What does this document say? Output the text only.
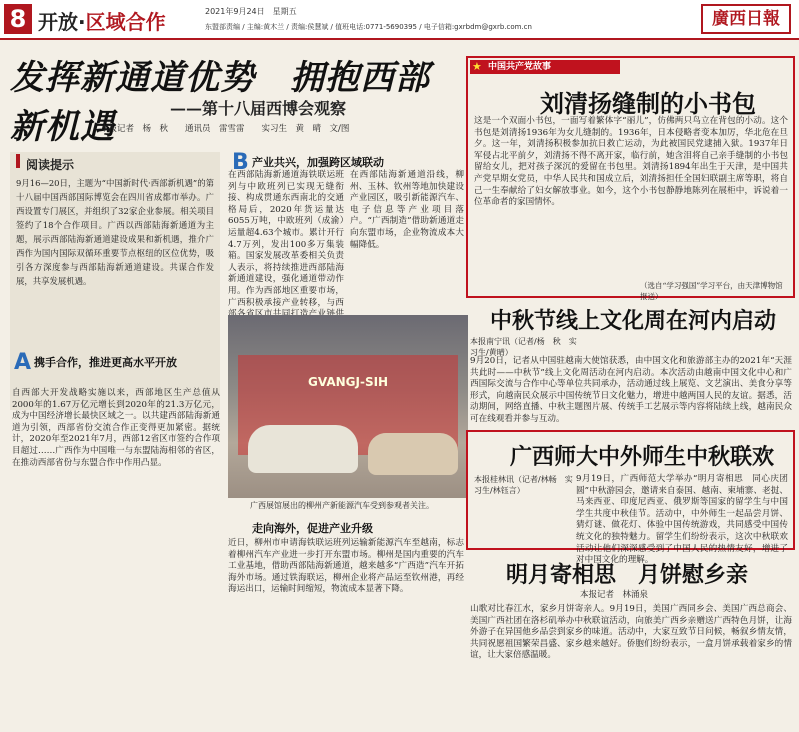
8 开放·区域合作	2021年9月24日　星期五
东盟部责编 / 主编:黄木兰 / 责编:侯慧斌 / 值班电话:0771-5690395 / 电子信箱:gxrbdm@gxrb.com.cn	廣西日報
发挥新通道优势　拥抱西部新机遇	——第十八届西博会观察
本报记者　杨　秋　　通讯员　雷雪雷　　实习生　黄　晴　文/图
阅读提示
9月16—20日，主题为“中国新时代·西部新机遇”的第十八届中国西部国际博览会在四川省成都市举办。广西设置专门展区，并组织了32家企业参展。相关项目签约了18个合作项目。广西以西部陆海新通道为主题，展示西部陆海新通道建设成果和新机遇，推介广西作为国内国际双循环重要节点枢纽的区位优势，吸引各方深度参与西部陆海新通道建设。共谋合作发展，共享发展机遇。
A 携手合作，推进更高水平开放
自西部大开发战略实施以来，西部地区生产总值从2000年的1.67万亿元增长到2020年的21.3万亿元，成为中国经济增长最快区域之一。以共建西部陆海新通道为引领，西部省份交流合作正变得更加紧密。据统计，2020年至2021年7月，西部12省区市签约合作项目超过……广西作为中国唯一与东盟陆海相邻的省区，在推动西部省份与东盟合作中作用凸显。
B 产业共兴，加强跨区域联动
在西部陆海新通道海铁联运班列与中欧班列已实现无缝衔接、构成贯通东西南北的交通格局后，2020年货运量达6055万吨，中欧班列（成渝）运量超4.63个城市。累计开行4.7万列，发出100多万集装箱。国家发展改革委相关负责人表示，将持续推进西部陆海新通道建设，强化通道带动作用。作为西部地区重要市场，广西积极承接产业转移，与西
在西部陆海新通道沿线，柳州、玉林、钦州等地加快建设产业园区，吸引新能源汽车、电子信息等产业项目落户。“广西制造”借助新通道走向东盟市场，企业物流成本大幅降低。
GVANGJ-SIH
广西展馆展出的柳州产新能源汽车受到参观者关注。
走向海外，促进产业升级
近日，柳州市申请海铁联运班列运输新能源汽车至越南，标志着柳州汽车产业进一步打开东盟市场。柳州是国内重要的汽车工业基地，借助西部陆海新通道，越来越多“广西造”汽车开拓海外市场。通过铁海联运，柳州企业将产品运至钦州港，再经海运出口，运输时间缩短，物流成本显著下降。
中国共产党故事
★
刘清扬缝制的小书包
这是一个双面小书包，一面写着繁体字“丽儿”，仿佛两只鸟立在背包的小动。这个书包是刘清扬1936年为女儿缝制的。1936年，日本侵略者变本加厉，华北危在旦夕。这一年，刘清扬积极参加抗日救亡运动，为此被国民党逮捕入狱。1937年日军侵占北平前夕，刘清扬不得不离开家，临行前，她含泪将自己亲手缝制的小书包留给女儿，把对孩子深沉的爱留在书包里。刘清扬1894年出生于天津，是中国共产党早期女党员，中华人民共和国成立后，刘清扬担任全国妇联副主席等职，将自己一生奉献给了妇女解放事业。如今，这个小书包静静地陈列在展柜中，诉说着一位革命者的家国情怀。
（选自“学习强国”学习平台，由天津博物馆报送）
中秋节线上文化周在河内启动
本报南宁讯（记者/杨　秋　实习生/黄晴）
9月20日，记者从中国驻越南大使馆获悉，由中国文化和旅游部主办的2021年“天涯共此时——中秋节”线上文化周活动在河内启动。本次活动由越南中国文化中心和广西国际交流与合作中心等单位共同承办，活动通过线上展览、文艺演出、美食分享等形式，向越南民众展示中国传统节日文化魅力，增进中越两国人民的友谊。据悉，活动期间，网络直播、中秋主题图片展、传统手工艺展示等内容将陆续上线，越南民众可在线观看并参与互动。
广西师大中外师生中秋联欢
本报桂林讯（记者/林畅　实习生/林钰言）
9月19日，广西师范大学举办“明月寄相思　同心庆团圆”中秋游园会，邀请来自泰国、越南、柬埔寨、老挝、马来西亚、印度尼西亚、俄罗斯等国家的留学生与中国学生共度中秋佳节。活动中，中外师生一起品尝月饼、猜灯谜、做花灯、体验中国传统游戏，共同感受中国传统文化的独特魅力。留学生们纷纷表示，这次中秋联欢活动让他们深深感受到了中国人民的热情友好，增进了对中国文化的理解。
明月寄相思　月饼慰乡亲
本报记者　林涌泉
山歌对比春江水，家乡月饼寄亲人。9月19日，美国广西同乡会、美国广西总商会、美国广西社团在洛杉矶举办中秋联谊活动，向旅美广西乡亲赠送广西特色月饼，让海外游子在异国他乡品尝到家乡的味道。活动中，大家互致节日问候，畅叙乡情友情，共同祝愿祖国繁荣昌盛、家乡越来越好。侨胞们纷纷表示，一盒月饼承载着家乡的情谊，让大家倍感温暖。
